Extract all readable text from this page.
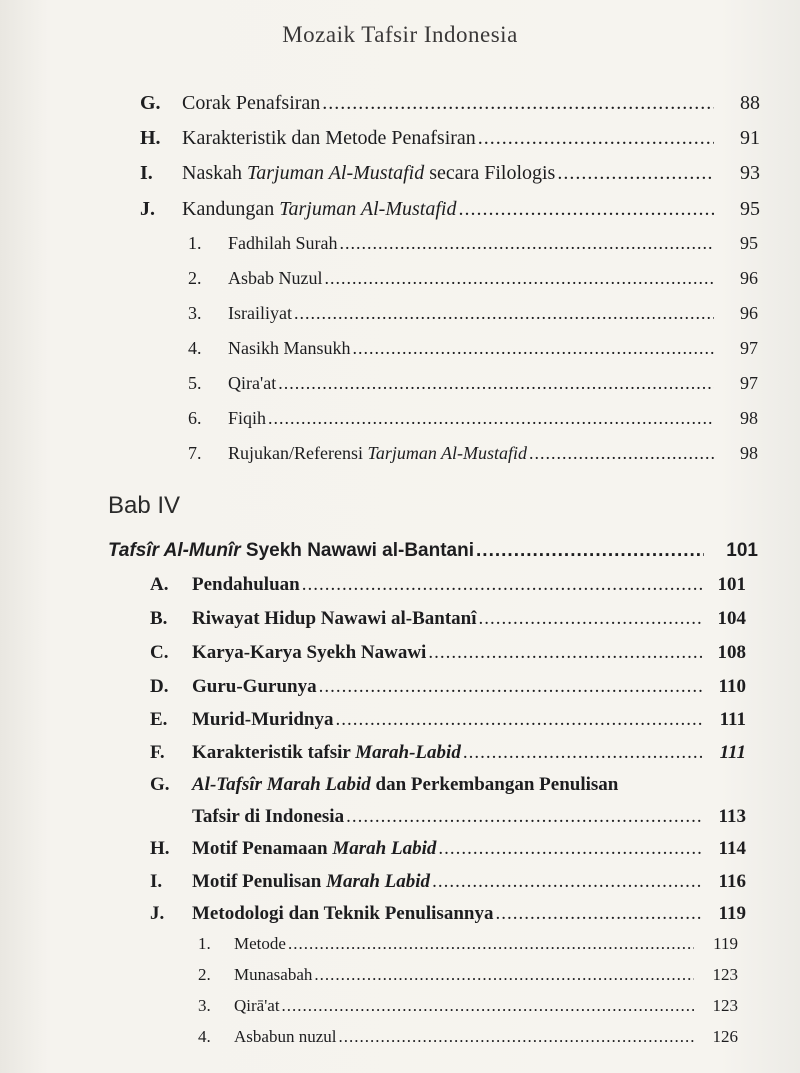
Mozaik Tafsir Indonesia
G.	Corak Penafsiran .....	88
H.	Karakteristik dan Metode Penafsiran .....	91
I.	Naskah Tarjuman Al-Mustafid secara Filologis .....	93
J.	Kandungan Tarjuman Al-Mustafid .....	95
1.	Fadhilah Surah .....	95
2.	Asbab Nuzul .....	96
3.	Israiliyat .....	96
4.	Nasikh Mansukh .....	97
5.	Qira'at .....	97
6.	Fiqih .....	98
7.	Rujukan/Referensi Tarjuman Al-Mustafid .....	98
Bab IV
Tafsîr Al-Munîr Syekh Nawawi al-Bantani .....	101
A.	Pendahuluan .....	101
B.	Riwayat Hidup Nawawi al-Bantanî .....	104
C.	Karya-Karya Syekh Nawawi .....	108
D.	Guru-Gurunya .....	110
E.	Murid-Muridnya .....	111
F.	Karakteristik tafsir Marah-Labid .....	111
G. Al-Tafsîr Marah Labid dan Perkembangan Penulisan
Tafsir di Indonesia .....	113
H.	Motif Penamaan Marah Labid .....	114
I.	Motif Penulisan Marah Labid .....	116
J.	Metodologi dan Teknik Penulisannya .....	119
1.	Metode .....	119
2.	Munasabah .....	123
3.	Qirā'at .....	123
4.	Asbabun nuzul .....	126
